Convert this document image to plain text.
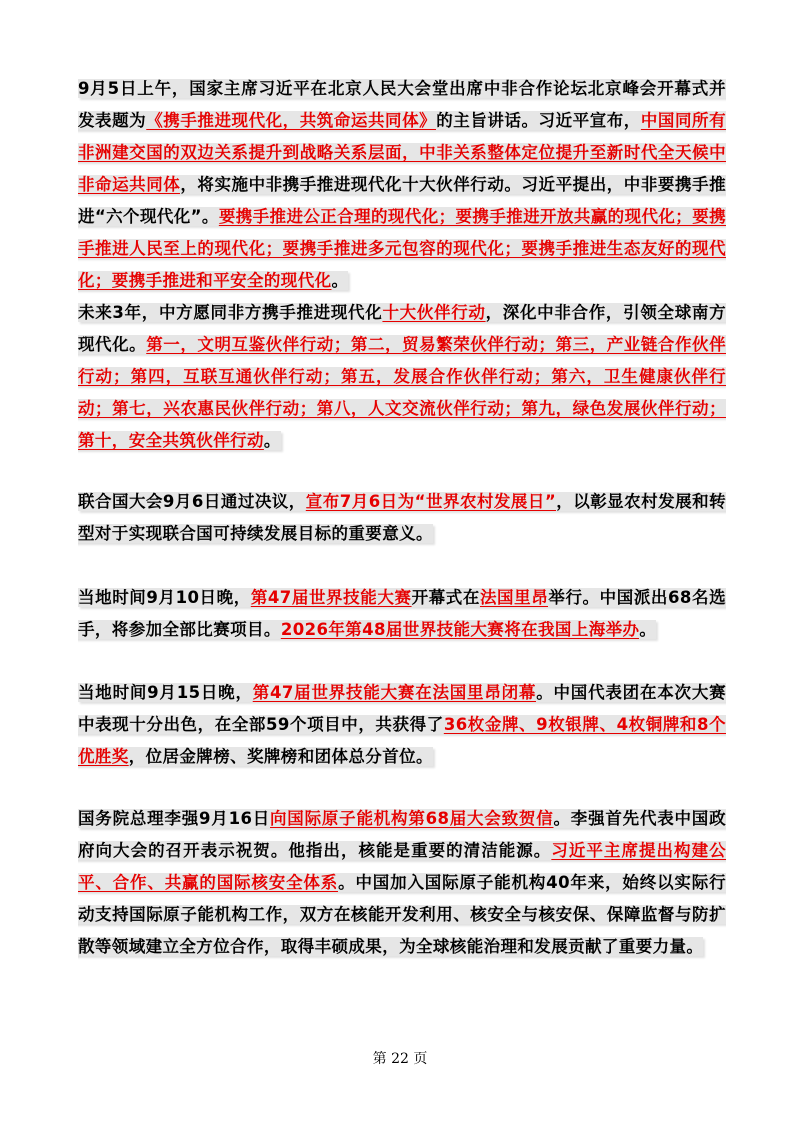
9月5日上午，国家主席习近平在北京人民大会堂出席中非合作论坛北京峰会开幕式并发表题为《携手推进现代化，共筑命运共同体》的主旨讲话。习近平宣布，中国同所有非洲建交国的双边关系提升到战略关系层面，中非关系整体定位提升至新时代全天候中非命运共同体，将实施中非携手推进现代化十大伙伴行动。习近平提出，中非要携手推进“六个现代化”。要携手推进公正合理的现代化；要携手推进开放共赢的现代化；要携手推进人民至上的现代化；要携手推进多元包容的现代化；要携手推进生态友好的现代化；要携手推进和平安全的现代化。
未来3年，中方愿同非方携手推进现代化十大伙伴行动，深化中非合作，引领全球南方现代化。第一，文明互鉴伙伴行动；第二，贸易繁荣伙伴行动；第三，产业链合作伙伴行动；第四，互联互通伙伴行动；第五，发展合作伙伴行动；第六，卫生健康伙伴行动；第七，兴农惠民伙伴行动；第八，人文交流伙伴行动；第九，绿色发展伙伴行动；第十，安全共筑伙伴行动。
联合国大会9月6日通过决议，宣布7月6日为“世界农村发展日”，以彰显农村发展和转型对于实现联合国可持续发展目标的重要意义。
当地时间9月10日晚，第47届世界技能大赛开幕式在法国里昂举行。中国派出68名选手，将参加全部比赛项目。2026年第48届世界技能大赛将在我国上海举办。
当地时间9月15日晚，第47届世界技能大赛在法国里昂闭幕。中国代表团在本次大赛中表现十分出色，在全部59个项目中，共获得了36枚金牌、9枚银牌、4枚铜牌和8个优胜奖，位居金牌榜、奖牌榜和团体总分首位。
国务院总理李强9月16日向国际原子能机构第68届大会致贺信。李强首先代表中国政府向大会的召开表示祝贺。他指出，核能是重要的清洁能源。习近平主席提出构建公平、合作、共赢的国际核安全体系。中国加入国际原子能机构40年来，始终以实际行动支持国际原子能机构工作，双方在核能开发利用、核安全与核安保、保障监督与防扩散等领域建立全方位合作，取得丰硕成果，为全球核能治理和发展贡献了重要力量。
第 22 页
